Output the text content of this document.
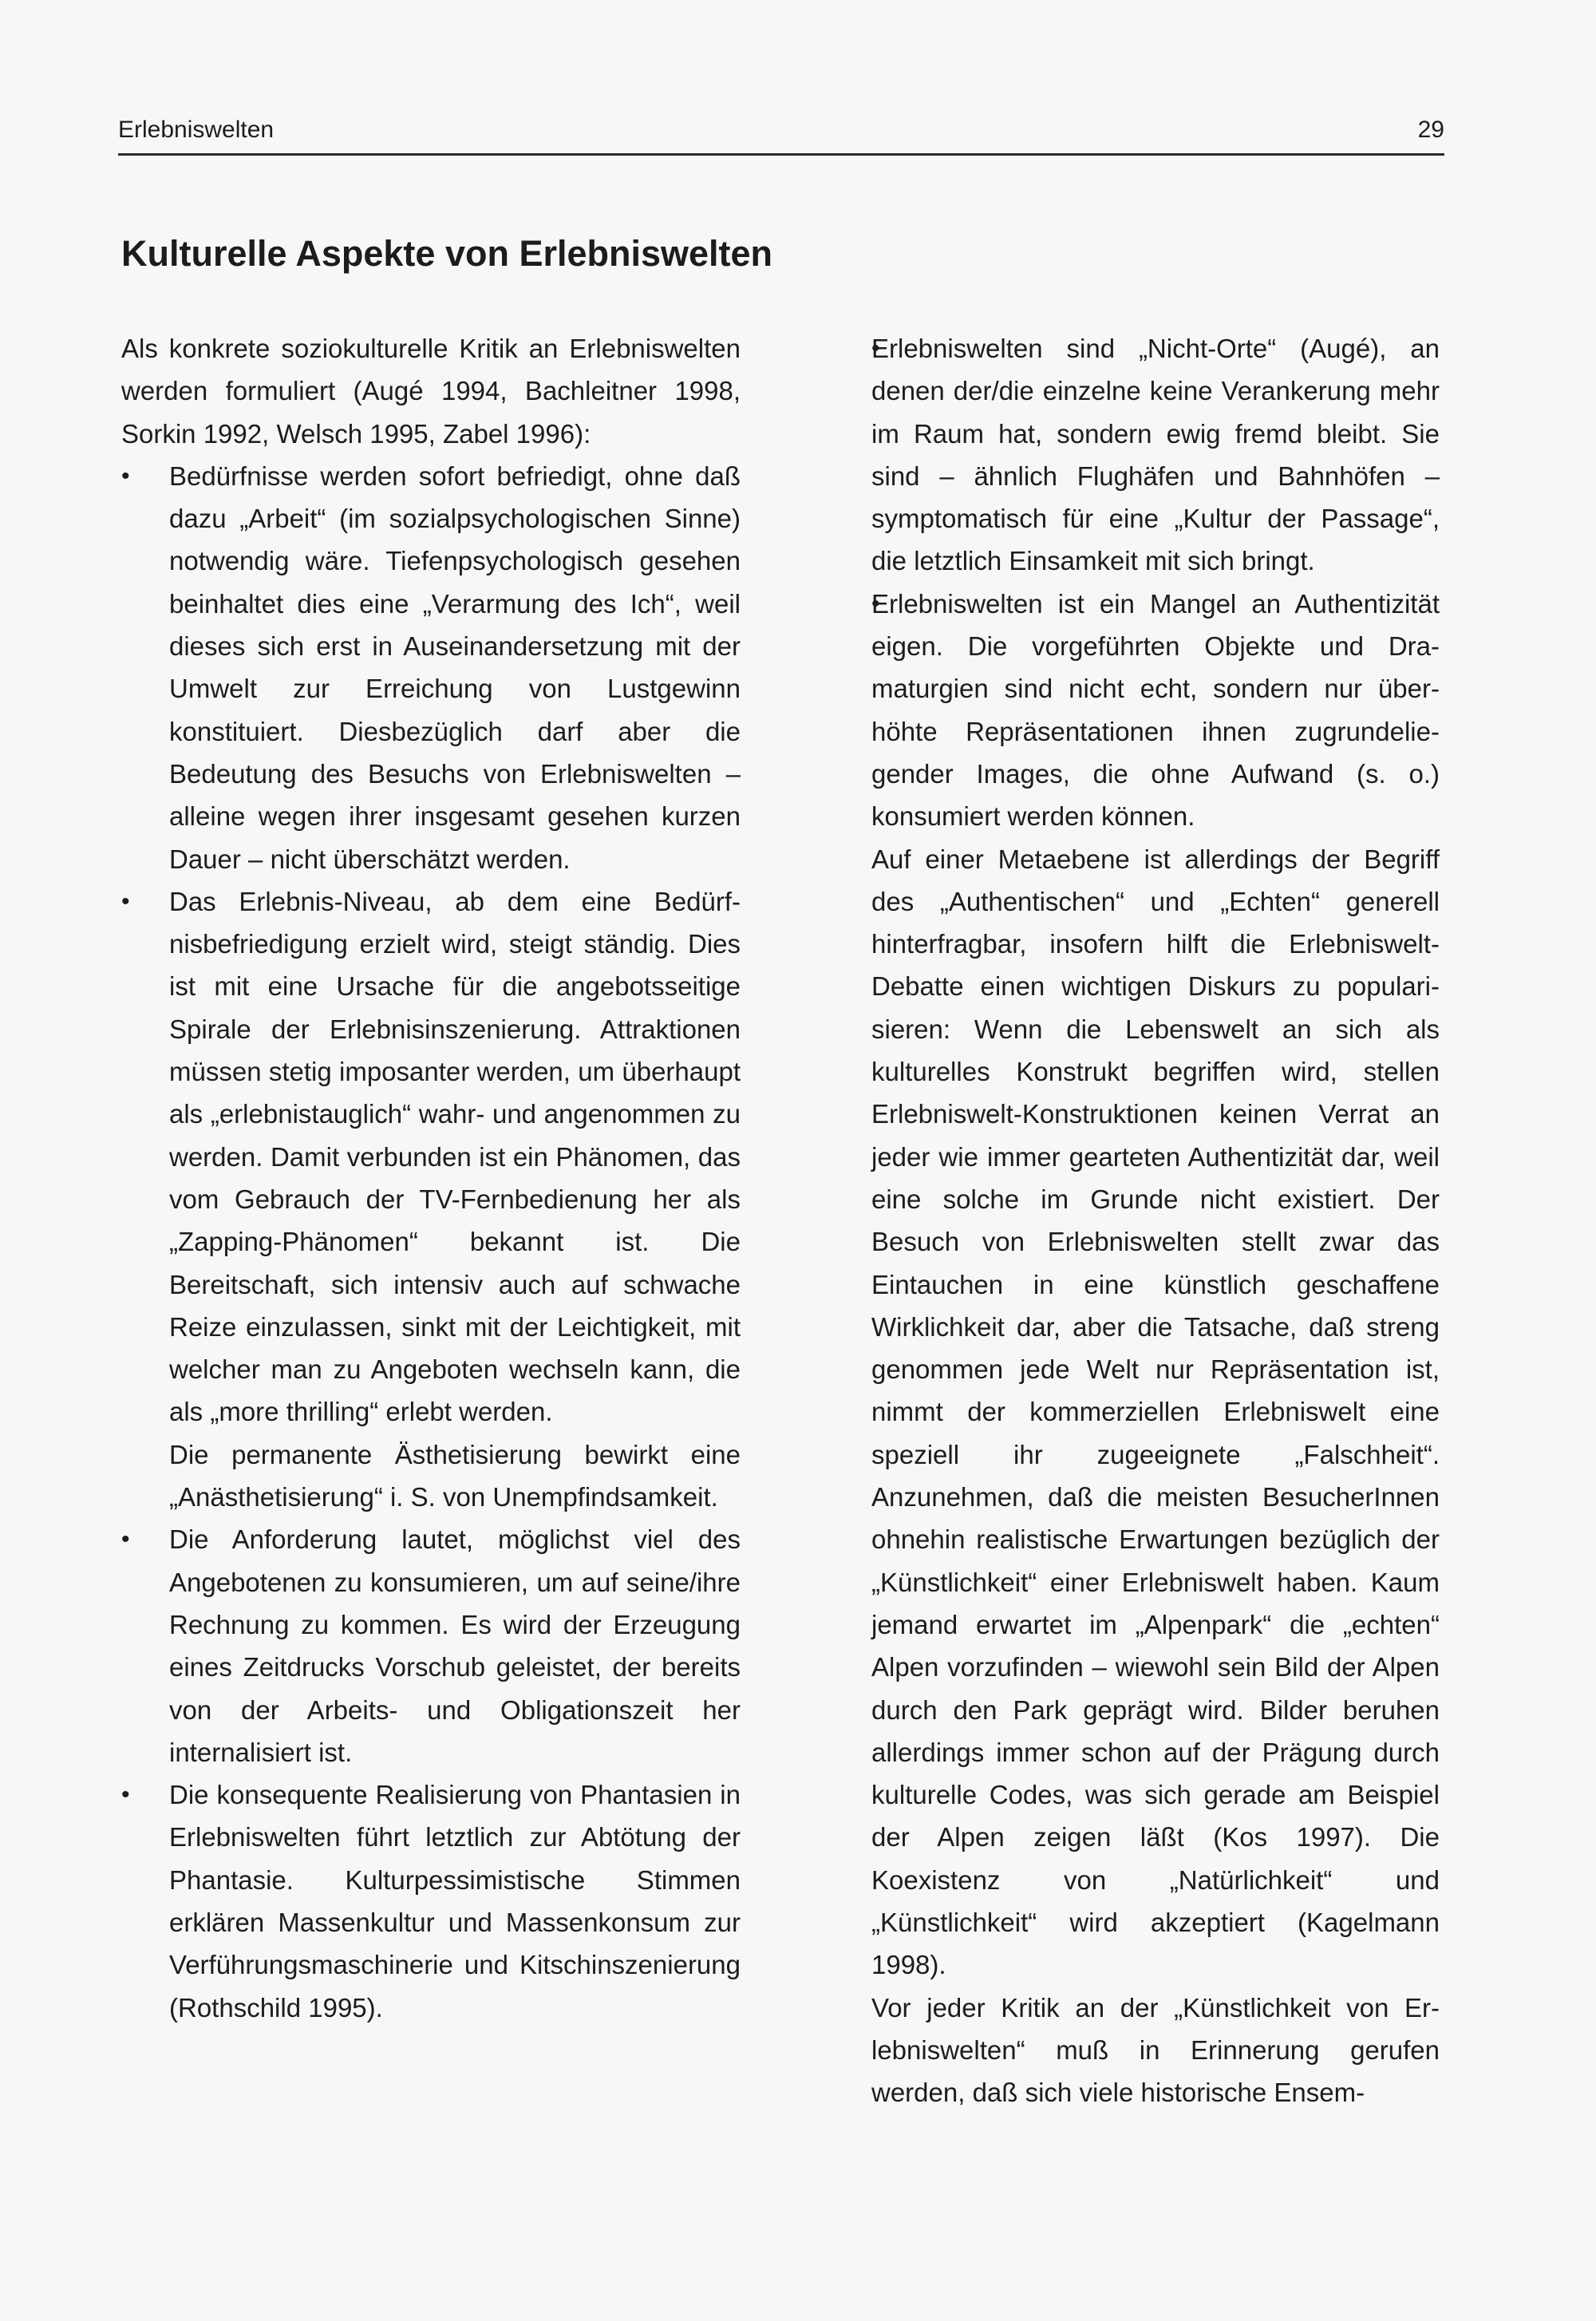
Erlebniswelten	29
Kulturelle Aspekte von Erlebniswelten

Als konkrete soziokulturelle Kritik an Erlebniswelten werden formuliert (Augé 1994, Bachleitner 1998, Sorkin 1992, Welsch 1995, Zabel 1996):

• Bedürfnisse werden sofort befriedigt, ohne daß dazu „Arbeit“ (im sozialpsychologischen Sinne) notwendig wäre. Tiefenpsychologisch gesehen beinhaltet dies eine „Verarmung des Ich“, weil dieses sich erst in Auseinandersetzung mit der Umwelt zur Erreichung von Lustgewinn konstituiert. Diesbezüglich darf aber die Bedeutung des Besuchs von Erlebniswelten – alleine wegen ihrer insgesamt gesehen kurzen Dauer – nicht überschätzt werden.
• Das Erlebnis-Niveau, ab dem eine Bedürfnisbefriedigung erzielt wird, steigt ständig. Dies ist mit eine Ursache für die angebotsseitige Spirale der Erlebnisinszenierung. Attraktionen müssen stetig imposanter werden, um überhaupt als „erlebnistauglich“ wahr- und angenommen zu werden. Damit verbunden ist ein Phänomen, das vom Gebrauch der TV-Fernbedienung her als „Zapping-Phänomen“ bekannt ist. Die Bereitschaft, sich intensiv auch auf schwache Reize einzulassen, sinkt mit der Leichtigkeit, mit welcher man zu Angeboten wechseln kann, die als „more thrilling“ erlebt werden.

Die permanente Ästhetisierung bewirkt eine „Anästhetisierung“ i. S. von Unempfindsamkeit.

• Die Anforderung lautet, möglichst viel des Angebotenen zu konsumieren, um auf seine/ihre Rechnung zu kommen. Es wird der Erzeugung eines Zeitdrucks Vorschub geleistet, der bereits von der Arbeits- und Obligationszeit her internalisiert ist.
• Die konsequente Realisierung von Phantasien in Erlebniswelten führt letztlich zur Abtötung der Phantasie. Kulturpessimistische Stimmen erklären Massenkultur und Massenkonsum zur Verführungsmaschinerie und Kitschinszenierung (Rothschild 1995).
• Erlebniswelten sind „Nicht-Orte“ (Augé), an denen der/die einzelne keine Verankerung mehr im Raum hat, sondern ewig fremd bleibt. Sie sind – ähnlich Flughäfen und Bahnhöfen – symptomatisch für eine „Kultur der Passage“, die letztlich Einsamkeit mit sich bringt.
• Erlebniswelten ist ein Mangel an Authentizität eigen. Die vorgeführten Objekte und Dramaturgien sind nicht echt, sondern nur überhöhte Repräsentationen ihnen zugrundeliegender Images, die ohne Aufwand (s. o.) konsumiert werden können.

Auf einer Metaebene ist allerdings der Begriff des „Authentischen“ und „Echten“ generell hinterfragbar, insofern hilft die Erlebniswelt-Debatte einen wichtigen Diskurs zu popularisieren: Wenn die Lebenswelt an sich als kulturelles Konstrukt begriffen wird, stellen Erlebniswelt-Konstruktionen keinen Verrat an jeder wie immer gearteten Authentizität dar, weil eine solche im Grunde nicht existiert. Der Besuch von Erlebniswelten stellt zwar das Eintauchen in eine künstlich geschaffene Wirklichkeit dar, aber die Tatsache, daß streng genommen jede Welt nur Repräsentation ist, nimmt der kommerziellen Erlebniswelt eine speziell ihr zugeeignete „Falschheit“. Anzunehmen, daß die meisten BesucherInnen ohnehin realistische Erwartungen bezüglich der „Künstlichkeit“ einer Erlebniswelt haben. Kaum jemand erwartet im „Alpenpark“ die „echten“ Alpen vorzufinden – wiewohl sein Bild der Alpen durch den Park geprägt wird. Bilder beruhen allerdings immer schon auf der Prägung durch kulturelle Codes, was sich gerade am Beispiel der Alpen zeigen läßt (Kos 1997). Die Koexistenz von „Natürlichkeit“ und „Künstlichkeit“ wird akzeptiert (Kagelmann 1998).

Vor jeder Kritik an der „Künstlichkeit von Erlebniswelten“ muß in Erinnerung gerufen werden, daß sich viele historische Ensem-
